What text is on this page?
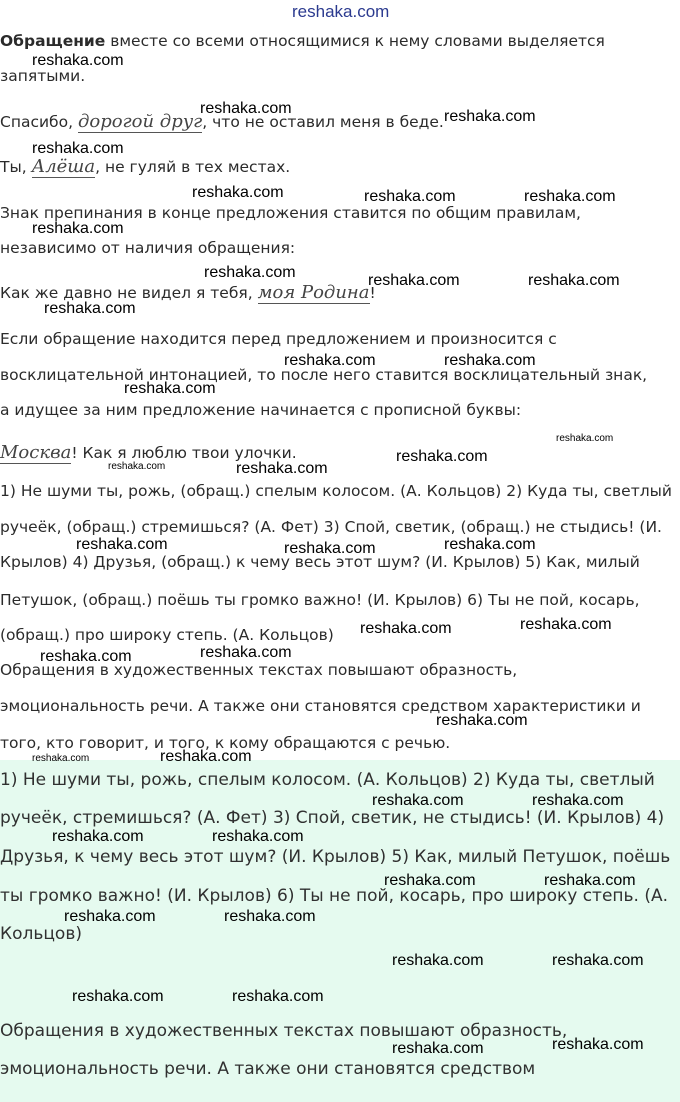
reshaka.com
Обращение вместе со всеми относящимися к нему словами выделяется
запятыми.
Спасибо, дорогой друг, что не оставил меня в беде.
Ты, Алёша, не гуляй в тех местах.
Знак препинания в конце предложения ставится по общим правилам,
независимо от наличия обращения:
Как же давно не видел я тебя, моя Родина!
Если обращение находится перед предложением и произносится с
восклицательной интонацией, то после него ставится восклицательный знак,
а идущее за ним предложение начинается с прописной буквы:
Москва! Как я люблю твои улочки.
1) Не шуми ты, рожь, (обращ.) спелым колосом. (А. Кольцов) 2) Куда ты, светлый
ручеёк, (обращ.) стремишься? (А. Фет) 3) Спой, светик, (обращ.) не стыдись! (И.
Крылов) 4) Друзья, (обращ.) к чему весь этот шум? (И. Крылов) 5) Как, милый
Петушок, (обращ.) поёшь ты громко важно! (И. Крылов) 6) Ты не пой, косарь,
(обращ.) про широку степь. (А. Кольцов)
Обращения в художественных текстах повышают образность,
эмоциональность речи. А также они становятся средством характеристики и
того, кто говорит, и того, к кому обращаются с речью.
1) Не шуми ты, рожь, спелым колосом. (А. Кольцов) 2) Куда ты, светлый
ручеёк, стремишься? (А. Фет) 3) Спой, светик, не стыдись! (И. Крылов) 4)
Друзья, к чему весь этот шум? (И. Крылов) 5) Как, милый Петушок, поёшь
ты громко важно! (И. Крылов) 6) Ты не пой, косарь, про широку степь. (А.
Кольцов)
Обращения в художественных текстах повышают образность,
эмоциональность речи. А также они становятся средством
reshaka.com
reshaka.com	reshaka.com
reshaka.com
reshaka.com	reshaka.com	reshaka.com
reshaka.com
reshaka.com	reshaka.com	reshaka.com
reshaka.com
reshaka.com	reshaka.com
reshaka.com
reshaka.com
reshaka.com
reshaka.com	reshaka.com
reshaka.com	reshaka.com	reshaka.com
reshaka.com	reshaka.com
reshaka.com	reshaka.com
reshaka.com
reshaka.com	reshaka.com
reshaka.com	reshaka.com
reshaka.com	reshaka.com
reshaka.com	reshaka.com
reshaka.com	reshaka.com
reshaka.com	reshaka.com
reshaka.com	reshaka.com
reshaka.com	reshaka.com
